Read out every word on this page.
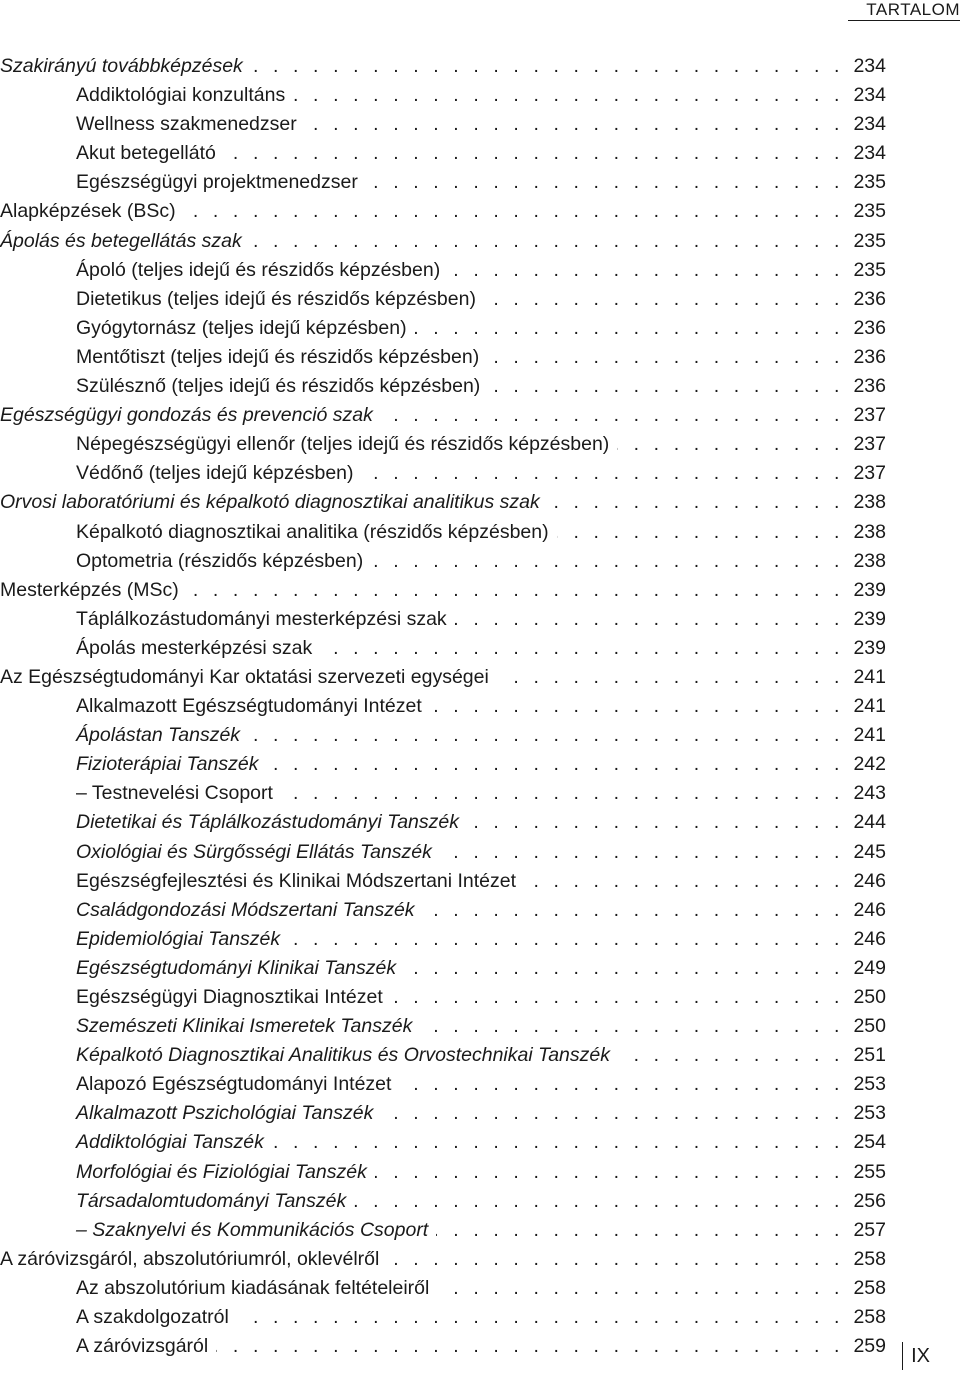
TARTALOM
Szakirányú továbbképzések . . .	234
Addiktológiai konzultáns . . .	234
Wellness szakmenedzser . . .	234
Akut betegellátó . . .	234
Egészségügyi projektmenedzser . . .	235
Alapképzések (BSc) . . .	235
Ápolás és betegellátás szak . . .	235
Ápoló (teljes idejű és részidős képzésben) . . .	235
Dietetikus (teljes idejű és részidős képzésben) . . .	236
Gyógytornász (teljes idejű képzésben) . . .	236
Mentőtiszt (teljes idejű és részidős képzésben) . . .	236
Szülésznő (teljes idejű és részidős képzésben) . . .	236
Egészségügyi gondozás és prevenció szak . . .	237
Népegészségügyi ellenőr (teljes idejű és részidős képzésben) . . .	237
Védőnő (teljes idejű képzésben) . . .	237
Orvosi laboratóriumi és képalkotó diagnosztikai analitikus szak . . .	238
Képalkotó diagnosztikai analitika (részidős képzésben) . . .	238
Optometria (részidős képzésben) . . .	238
Mesterképzés (MSc) . . .	239
Táplálkozástudományi mesterképzési szak . . .	239
Ápolás mesterképzési szak . . .	239
Az Egészségtudományi Kar oktatási szervezeti egységei . . .	241
Alkalmazott Egészségtudományi Intézet . . .	241
Ápolástan Tanszék . . .	241
Fizioterápiai Tanszék . . .	242
– Testnevelési Csoport . . .	243
Dietetikai és Táplálkozástudományi Tanszék . . .	244
Oxiológiai és Sürgősségi Ellátás Tanszék . . .	245
Egészségfejlesztési és Klinikai Módszertani Intézet . . .	246
Családgondozási Módszertani Tanszék . . .	246
Epidemiológiai Tanszék . . .	246
Egészségtudományi Klinikai Tanszék . . .	249
Egészségügyi Diagnosztikai Intézet . . .	250
Szemészeti Klinikai Ismeretek Tanszék . . .	250
Képalkotó Diagnosztikai Analitikus és Orvostechnikai Tanszék . . .	251
Alapozó Egészségtudományi Intézet . . .	253
Alkalmazott Pszichológiai Tanszék . . .	253
Addiktológiai Tanszék . . .	254
Morfológiai és Fiziológiai Tanszék . . .	255
Társadalomtudományi Tanszék . . .	256
– Szaknyelvi és Kommunikációs Csoport . . .	257
A záróvizsgáról, abszolutóriumról, oklevélről . . .	258
Az abszolutórium kiadásának feltételeiről . . .	258
A szakdolgozatról . . .	258
A záróvizsgáról . . .	259	IX
